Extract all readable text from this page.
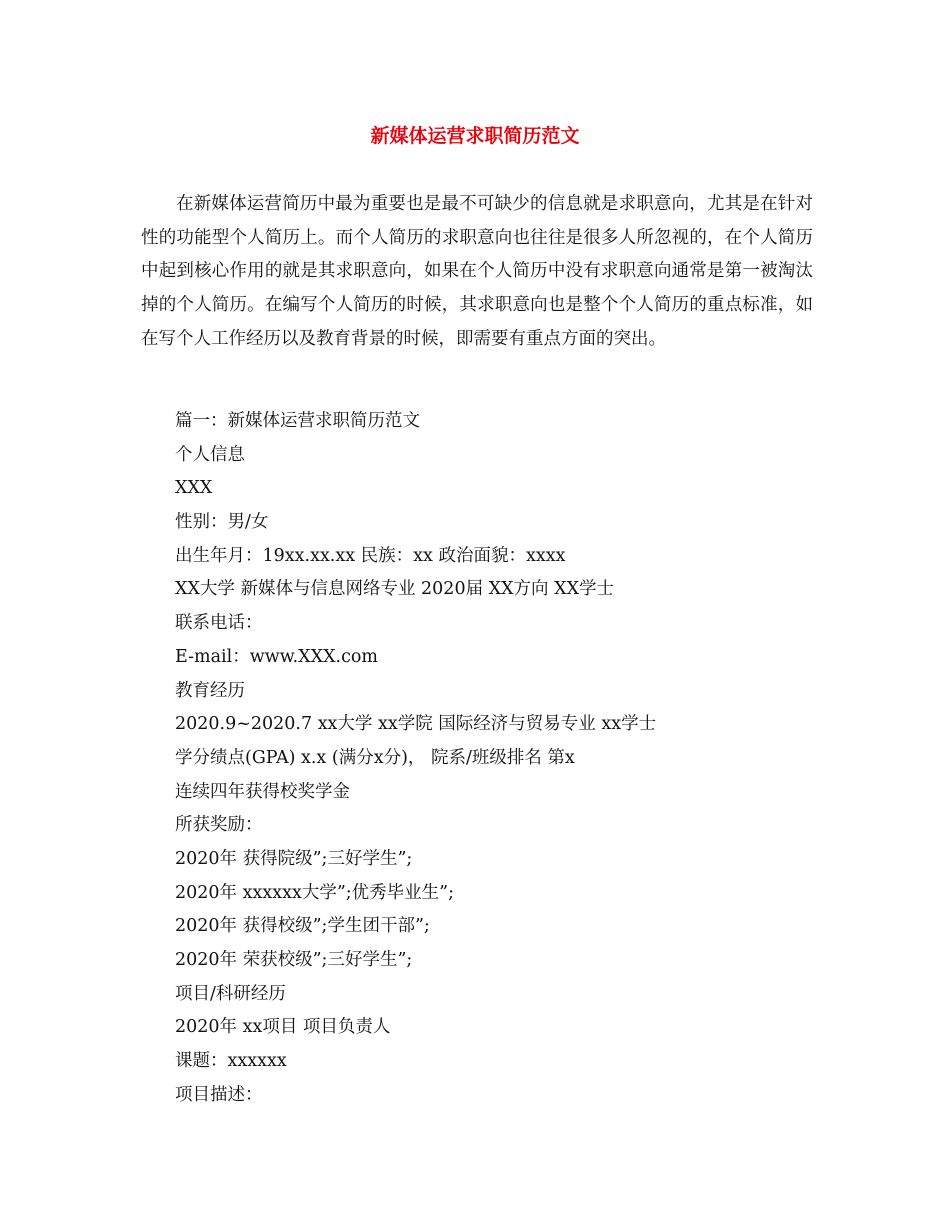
新媒体运营求职简历范文

在新媒体运营简历中最为重要也是最不可缺少的信息就是求职意向，尤其是在针对性的功能型个人简历上。而个人简历的求职意向也往往是很多人所忽视的，在个人简历中起到核心作用的就是其求职意向，如果在个人简历中没有求职意向通常是第一被淘汰掉的个人简历。在编写个人简历的时候，其求职意向也是整个个人简历的重点标准，如在写个人工作经历以及教育背景的时候，即需要有重点方面的突出。

篇一：新媒体运营求职简历范文
个人信息
XXX
性别：男/女
出生年月：19xx.xx.xx 民族：xx 政治面貌：xxxx
XX大学 新媒体与信息网络专业 2020届 XX方向 XX学士
联系电话：
E-mail：www.XXX.com
教育经历
2020.9~2020.7 xx大学 xx学院 国际经济与贸易专业 xx学士
学分绩点(GPA) x.x (满分x分)， 院系/班级排名 第x
连续四年获得校奖学金
所获奖励：
2020年 获得院级”;三好学生”;
2020年 xxxxxx大学”;优秀毕业生”;
2020年 获得校级”;学生团干部”;
2020年 荣获校级”;三好学生”;
项目/科研经历
2020年 xx项目 项目负责人
课题：xxxxxx
项目描述：
